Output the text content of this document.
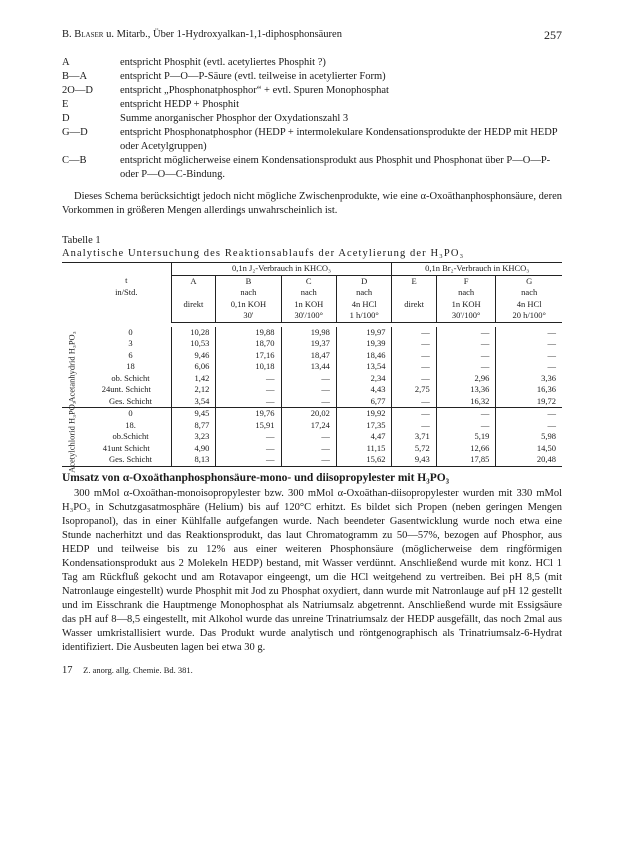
B. Blaser u. Mitarb., Über 1-Hydroxyalkan-1,1-diphosphonsäuren	257
A	entspricht Phosphit (evtl. acetyliertes Phosphit ?)
B—A	entspricht P—O—P-Säure (evtl. teilweise in acetylierter Form)
2O—D	entspricht „Phosphonatphosphor“ + evtl. Spuren Monophosphat
E	entspricht HEDP + Phosphit
D	Summe anorganischer Phosphor der Oxydationszahl 3
G—D	entspricht Phosphonatphosphor (HEDP + intermolekulare Kondensationsprodukte der HEDP mit HEDP oder Acetylgruppen)
C—B	entspricht möglicherweise einem Kondensationsprodukt aus Phosphit und Phosphonat über P—O—P- oder P—O—C-Bindung.

Dieses Schema berücksichtigt jedoch nicht mögliche Zwischenprodukte, wie eine α-Oxoäthanphosphonsäure, deren Vorkommen in größeren Mengen allerdings unwahrscheinlich ist.

Tabelle 1
Analytische Untersuchung des Reaktionsablaufs der Acetylierung der H₃PO₃
		0,1n J₂-Verbrauch in KHCO₃				0,1n Br₂-Verbrauch in KHCO₃		
	t	A	B	C	D	E	F	G
	in/Std.		nach	nach	nach		nach	nach
		direkt	0,1n KOH	1n KOH	4n HCl	direkt	1n KOH	4n HCl
			30'	30'/100°	1 h/100°		30'/100°	20 h/100°

Acetanhydrid H₃PO₃
	 0	10,28	19,88	19,98	19,97	—	—	—
	 3	10,53	18,70	19,37	19,39	—	—	—
	 6	9,46	17,16	18,47	18,46	—	—	—
	 18	6,06	10,18	13,44	13,54	—	—	—
	 ob. Schicht	1,42	—	—	2,34	—	2,96	3,36
	24unt. Schicht	2,12	—	—	4,43	2,75	13,36	16,36
	 Ges. Schicht	3,54	—	—	6,77	—	16,32	19,72

Acetylchlorid H₃PO₃
	 0	9,45	19,76	20,02	19,92	—	—	—
	 18.	8,77	15,91	17,24	17,35	—	—	—
	 ob.Schicht	3,23	—	—	4,47	3,71	5,19	5,98
	41unt Schicht	4,90	—	—	11,15	5,72	12,66	14,50
	 Ges. Schicht	8,13	—	—	15,62	9,43	17,85	20,48
Umsatz von α-Oxoäthanphosphonsäure-mono- und diisopropylester mit H₃PO₃

300 mMol α-Oxoäthan-monoisopropylester bzw. 300 mMol α-Oxoäthan-diisopropylester wurden mit 330 mMol H₃PO₃ in Schutzgasatmosphäre (Helium) bis auf 120°C erhitzt. Es bildet sich Propen (neben geringen Mengen Isopropanol), das in einer Kühlfalle aufgefangen wurde. Nach beendeter Gasentwicklung wurde noch etwa eine Stunde nacherhitzt und das Reaktionsprodukt, das laut Chromatogramm zu 50—57%, bezogen auf Phosphor, aus HEDP und teilweise bis zu 12% aus einer weiteren Phosphonsäure (möglicherweise dem ringförmigen Kondensationsprodukt aus 2 Molekeln HEDP) bestand, mit Wasser verdünnt. Anschließend wurde mit konz. HCl 1 Tag am Rückfluß gekocht und am Rotavapor eingeengt, um die HCl weitgehend zu vertreiben. Bei pH 8,5 (mit Natronlauge eingestellt) wurde Phosphit mit Jod zu Phosphat oxydiert, dann wurde mit Natronlauge auf pH 12 gestellt und im Eisschrank die Hauptmenge Monophosphat als Natriumsalz abgetrennt. Anschließend wurde mit Essigsäure das pH auf 8—8,5 eingestellt, mit Alkohol wurde das unreine Trinatriumsalz der HEDP ausgefällt, das noch 2mal aus Wasser umkristallisiert wurde. Das Produkt wurde analytisch und röntgenographisch als Trinatriumsalz-6-Hydrat identifiziert. Die Ausbeuten lagen bei etwa 30 g.

17 Z. anorg. allg. Chemie. Bd. 381.
